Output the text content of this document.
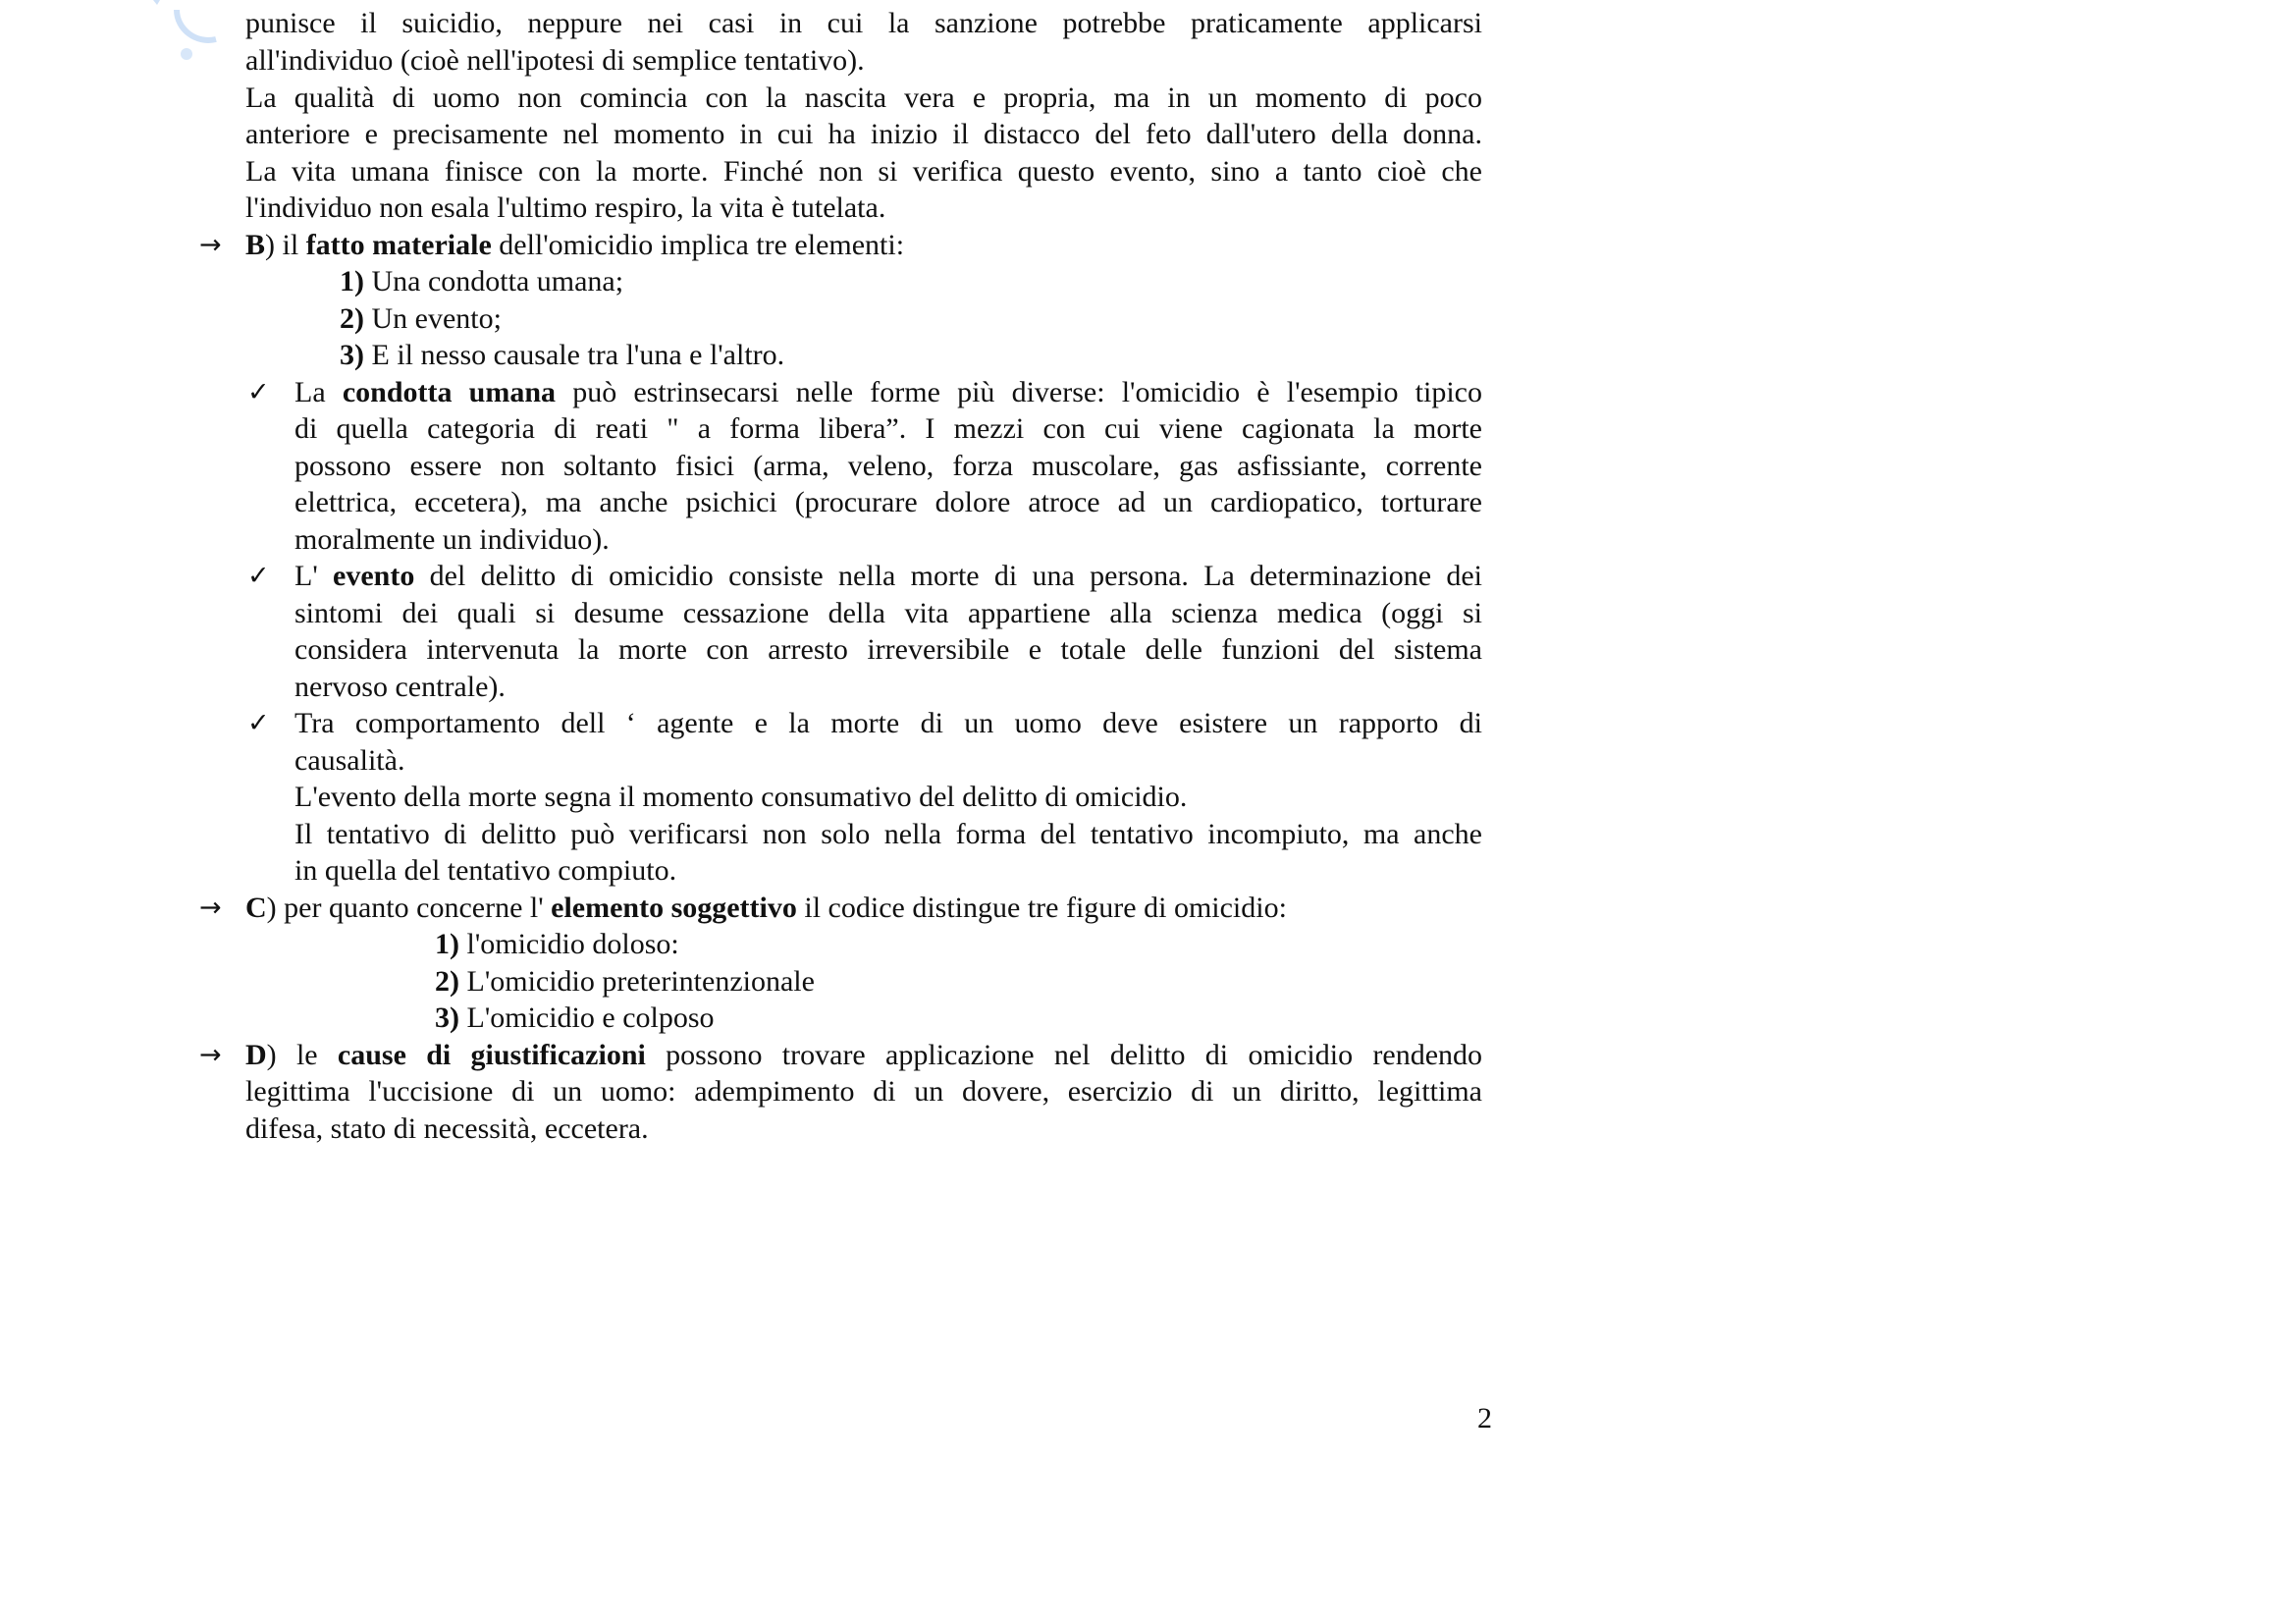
punisce il suicidio, neppure nei casi in cui la sanzione potrebbe praticamente applicarsi
all'individuo (cioè nell'ipotesi di semplice tentativo).
La qualità di uomo non comincia con la nascita vera e propria, ma in un momento di poco
anteriore e precisamente nel momento in cui ha inizio il distacco del feto dall'utero della donna.
La vita umana finisce con la morte. Finché non si verifica questo evento, sino a tanto cioè che
l'individuo non esala l'ultimo respiro, la vita è tutelata.
→ B) il fatto materiale dell'omicidio implica tre elementi:
1) Una condotta umana;
2) Un evento;
3) E il nesso causale tra l'una e l'altro.
✓ La condotta umana può estrinsecarsi nelle forme più diverse: l'omicidio è l'esempio tipico
di quella categoria di reati " a forma libera”. I mezzi con cui viene cagionata la morte
possono essere non soltanto fisici (arma, veleno, forza muscolare, gas asfissiante, corrente
elettrica, eccetera), ma anche psichici (procurare dolore atroce ad un cardiopatico, torturare
moralmente un individuo).
✓ L' evento del delitto di omicidio consiste nella morte di una persona. La determinazione dei
sintomi dei quali si desume cessazione della vita appartiene alla scienza medica (oggi si
considera intervenuta la morte con arresto irreversibile e totale delle funzioni del sistema
nervoso centrale).
✓ Tra comportamento dell ‘ agente e la morte di un uomo deve esistere un rapporto di
causalità.
L'evento della morte segna il momento consumativo del delitto di omicidio.
Il tentativo di delitto può verificarsi non solo nella forma del tentativo incompiuto, ma anche
in quella del tentativo compiuto.
→ C) per quanto concerne l' elemento soggettivo il codice distingue tre figure di omicidio:
1) l'omicidio doloso:
2) L'omicidio preterintenzionale
3) L'omicidio e colposo
→ D) le cause di giustificazioni possono trovare applicazione nel delitto di omicidio rendendo
legittima l'uccisione di un uomo: adempimento di un dovere, esercizio di un diritto, legittima
difesa, stato di necessità, eccetera.
2
